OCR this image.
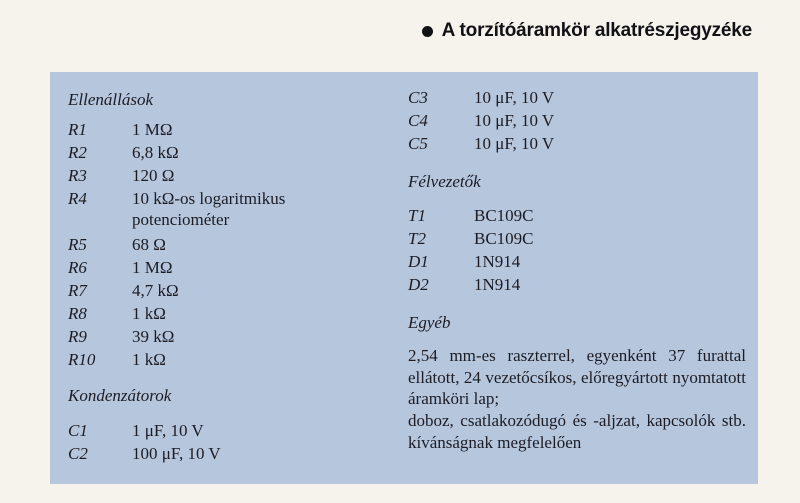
A torzítóáramkör alkatrészjegyzéke
Ellenállások
R1	1 MΩ
R2	6,8 kΩ
R3	120 Ω
R4	10 kΩ-os logaritmikus
potenciométer
R5	68 Ω
R6	1 MΩ
R7	4,7 kΩ
R8	1 kΩ
R9	39 kΩ
R10 1 kΩ
Kondenzátorok
C1	1 μF, 10 V
C2	100 μF, 10 V
C3	10 μF, 10 V
C4	10 μF, 10 V
C5	10 μF, 10 V
Félvezetők
T1	BC109C
T2	BC109C
D1	1N914
D2	1N914
Egyéb
2,54 mm-es raszterrel, egyenként 37 furattal ellátott, 24 vezetőcsíkos, előregyártott nyomtatott áramköri lap;
doboz, csatlakozódugó és -aljzat, kapcsolók stb. kívánságnak megfelelően
